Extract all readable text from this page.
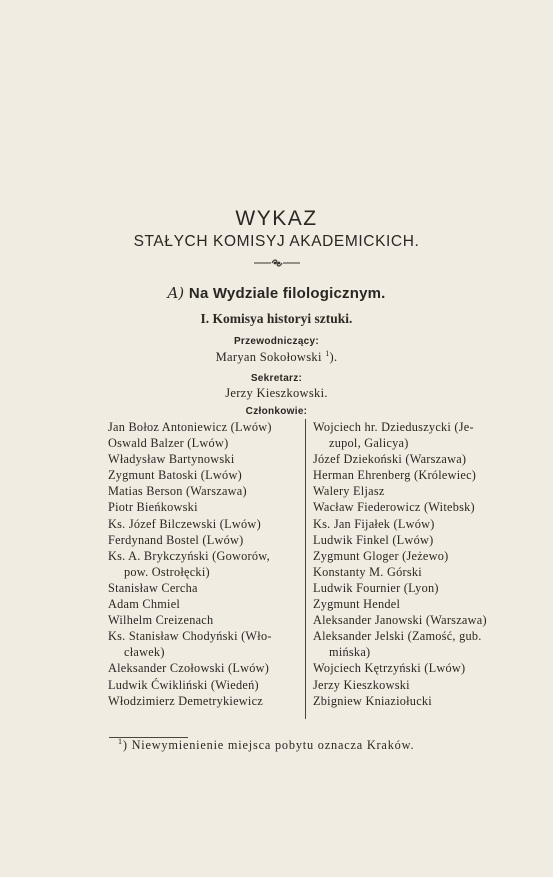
WYKAZ
STAŁYCH KOMISYJ AKADEMICKICH.
A) Na Wydziale filologicznym.
I. Komisya historyi sztuki.
Przewodniczący:
Maryan Sokołowski $^1$).
Sekretarz:
Jerzy Kieszkowski.
Członkowie:
Jan Bołoz Antoniewicz (Lwów)
Oswald Balzer (Lwów)
Władysław Bartynowski
Zygmunt Batoski (Lwów)
Matias Berson (Warszawa)
Piotr Bieńkowski
Ks. Józef Bilczewski (Lwów)
Ferdynand Bostel (Lwów)
Ks. A. Brykczyński (Goworów,
pow. Ostrołęcki)
Stanisław Cercha
Adam Chmiel
Wilhelm Creizenach
Ks. Stanisław Chodyński (Wło-
cławek)
Aleksander Czołowski (Lwów)
Ludwik Ćwikliński (Wiedeń)
Włodzimierz Demetrykiewicz
Wojciech hr. Dzieduszycki (Je-
zupol, Galicya)
Józef Dziekoński (Warszawa)
Herman Ehrenberg (Królewiec)
Walery Eljasz
Wacław Fiederowicz (Witebsk)
Ks. Jan Fijałek (Lwów)
Ludwik Finkel (Lwów)
Zygmunt Gloger (Jeżewo)
Konstanty M. Górski
Ludwik Fournier (Lyon)
Zygmunt Hendel
Aleksander Janowski (Warszawa)
Aleksander Jelski (Zamość, gub.
mińska)
Wojciech Kętrzyński (Lwów)
Jerzy Kieszkowski
Zbigniew Kniaziołucki
$^1$) Niewymienienie miejsca pobytu oznacza Kraków.
